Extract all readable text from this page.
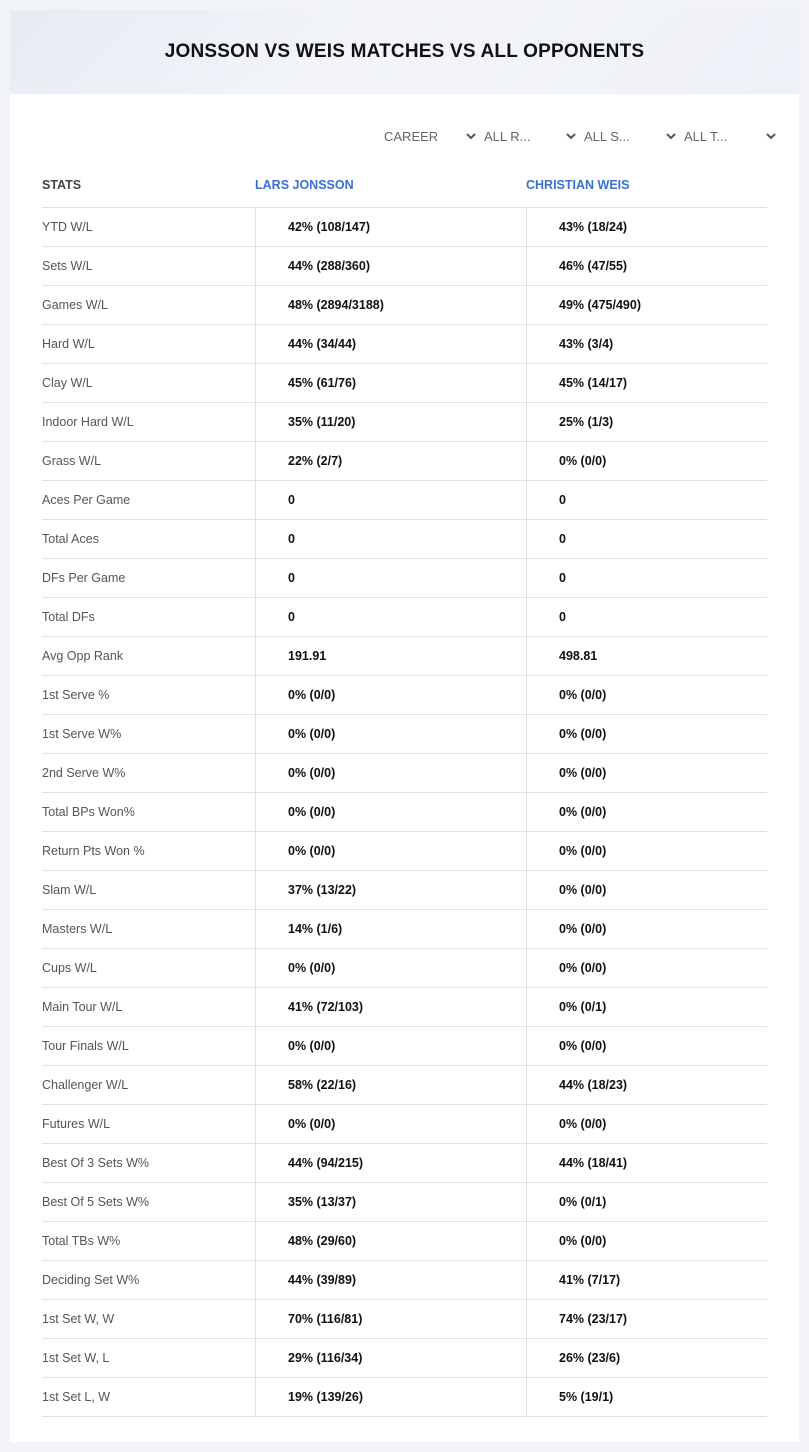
JONSSON VS WEIS MATCHES VS ALL OPPONENTS
CAREER	ALL R...	ALL S...	ALL T...
STATS	LARS JONSSON	CHRISTIAN WEIS
YTD W/L	42% (108/147)	43% (18/24)
Sets W/L	44% (288/360)	46% (47/55)
Games W/L	48% (2894/3188)	49% (475/490)
Hard W/L	44% (34/44)	43% (3/4)
Clay W/L	45% (61/76)	45% (14/17)
Indoor Hard W/L	35% (11/20)	25% (1/3)
Grass W/L	22% (2/7)	0% (0/0)
Aces Per Game	0	0
Total Aces	0	0
DFs Per Game	0	0
Total DFs	0	0
Avg Opp Rank	191.91	498.81
1st Serve %	0% (0/0)	0% (0/0)
1st Serve W%	0% (0/0)	0% (0/0)
2nd Serve W%	0% (0/0)	0% (0/0)
Total BPs Won%	0% (0/0)	0% (0/0)
Return Pts Won %	0% (0/0)	0% (0/0)
Slam W/L	37% (13/22)	0% (0/0)
Masters W/L	14% (1/6)	0% (0/0)
Cups W/L	0% (0/0)	0% (0/0)
Main Tour W/L	41% (72/103)	0% (0/1)
Tour Finals W/L	0% (0/0)	0% (0/0)
Challenger W/L	58% (22/16)	44% (18/23)
Futures W/L	0% (0/0)	0% (0/0)
Best Of 3 Sets W%	44% (94/215)	44% (18/41)
Best Of 5 Sets W%	35% (13/37)	0% (0/1)
Total TBs W%	48% (29/60)	0% (0/0)
Deciding Set W%	44% (39/89)	41% (7/17)
1st Set W, W	70% (116/81)	74% (23/17)
1st Set W, L	29% (116/34)	26% (23/6)
1st Set L, W	19% (139/26)	5% (19/1)
